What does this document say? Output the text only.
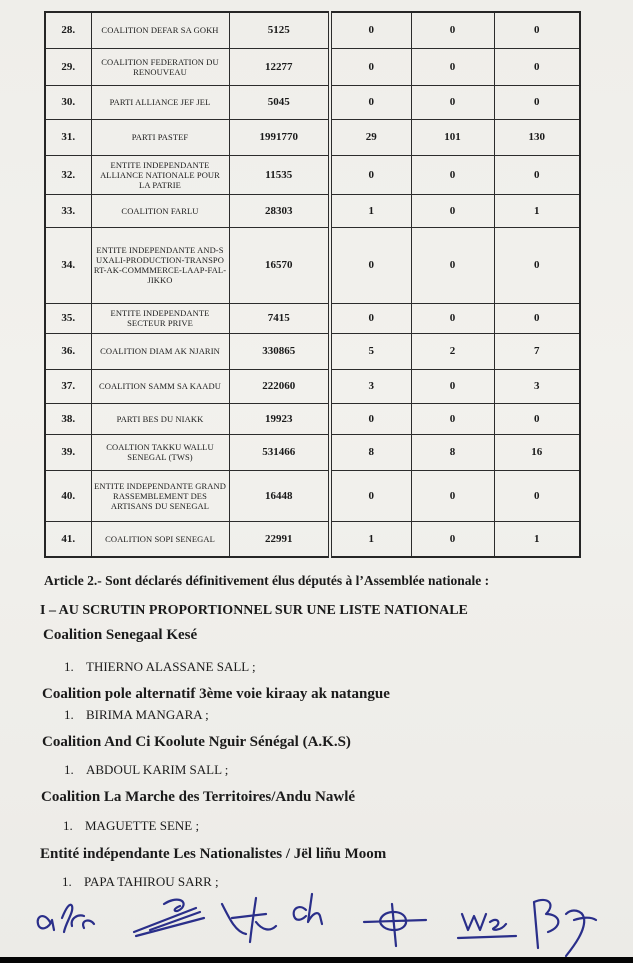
28.	COALITION DEFAR SA GOKH	5125	0	0	0
29.	COALITION FEDERATION DU RENOUVEAU	12277	0	0	0
30.	PARTI ALLIANCE JEF JEL	5045	0	0	0
31.	PARTI PASTEF	1991770	29	101	130
32.	ENTITE INDEPENDANTE ALLIANCE NATIONALE POUR LA PATRIE	11535	0	0	0
33.	COALITION FARLU	28303	1	0	1
34.	ENTITE INDEPENDANTE AND-SUXALI-PRODUCTION-TRANSPORT-AK-COMMMERCE-LAAP-FAL-JIKKO	16570	0	0	0
35.	ENTITE INDEPENDANTE SECTEUR PRIVE	7415	0	0	0
36.	COALITION DIAM AK NJARIN	330865	5	2	7
37.	COALITION SAMM SA KAADU	222060	3	0	3
38.	PARTI BES DU NIAKK	19923	0	0	0
39.	COALTION TAKKU WALLU SENEGAL (TWS)	531466	8	8	16
40.	ENTITE INDEPENDANTE GRAND RASSEMBLEMENT DES ARTISANS DU SENEGAL	16448	0	0	0
41.	COALITION SOPI SENEGAL	22991	1	0	1
Article 2.- Sont déclarés définitivement élus députés à l’Assemblée nationale :
I – AU SCRUTIN PROPORTIONNEL SUR UNE LISTE NATIONALE
Coalition Senegaal Kesé
1. THIERNO ALASSANE SALL ;
Coalition pole alternatif 3ème voie kiraay ak natangue
1. BIRIMA MANGARA ;
Coalition And Ci Koolute Nguir Sénégal (A.K.S)
1. ABDOUL KARIM SALL ;
Coalition La Marche des Territoires/Andu Nawlé
1. MAGUETTE SENE ;
Entité indépendante Les Nationalistes / Jël liñu Moom
1. PAPA TAHIROU SARR ;
